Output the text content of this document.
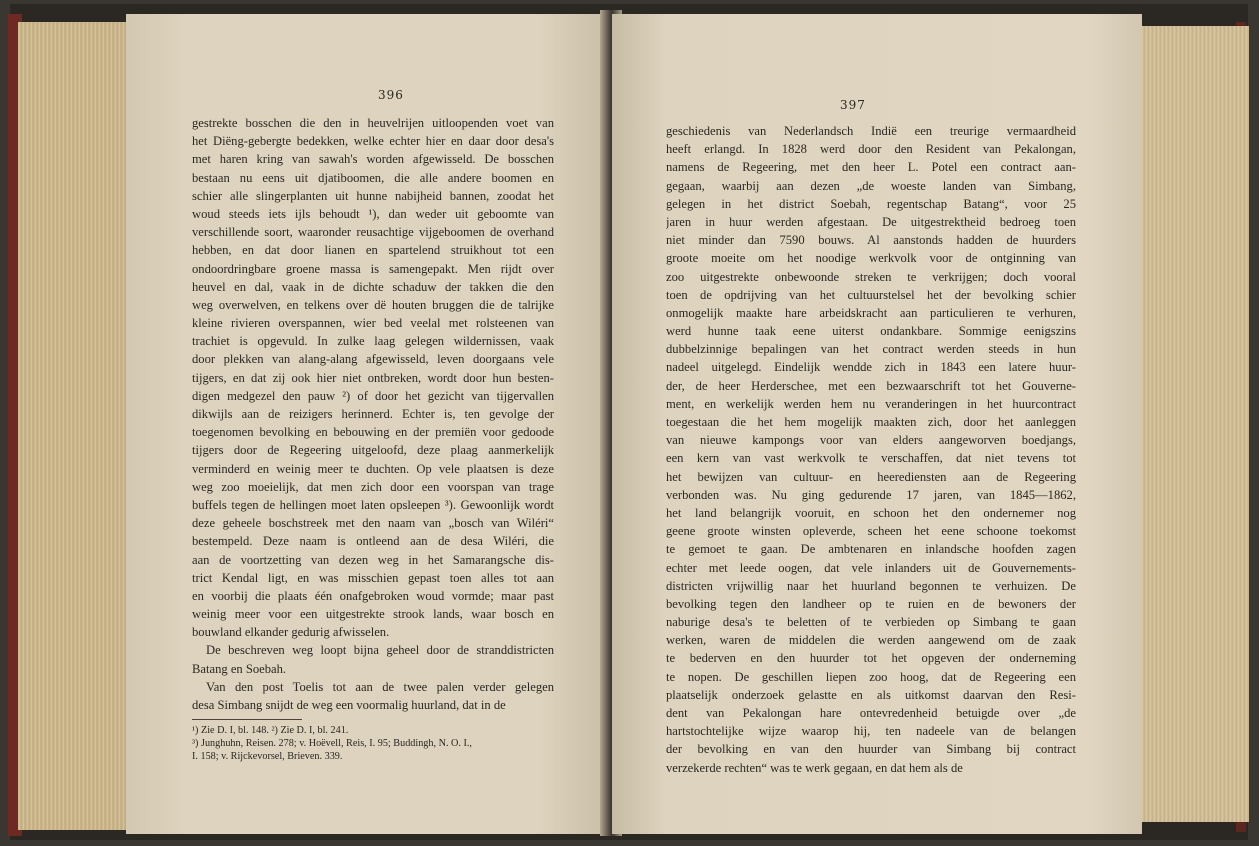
396
gestrekte bosschen die den in heuvelrijen uitloopenden voet van
het Diëng-gebergte bedekken, welke echter hier en daar door desa's
met haren kring van sawah's worden afgewisseld. De bosschen
bestaan nu eens uit djatiboomen, die alle andere boomen en
schier alle slingerplanten uit hunne nabijheid bannen, zoodat het
woud steeds iets ijls behoudt ¹), dan weder uit geboomte van
verschillende soort, waaronder reusachtige vijgeboomen de overhand
hebben, en dat door lianen en spartelend struikhout tot een
ondoordringbare groene massa is samengepakt. Men rijdt over
heuvel en dal, vaak in de dichte schaduw der takken die den
weg overwelven, en telkens over dë houten bruggen die de talrijke
kleine rivieren overspannen, wier bed veelal met rolsteenen van
trachiet is opgevuld. In zulke laag gelegen wildernissen, vaak
door plekken van alang-alang afgewisseld, leven doorgaans vele
tijgers, en dat zij ook hier niet ontbreken, wordt door hun besten-
digen medgezel den pauw ²) of door het gezicht van tijgervallen
dikwijls aan de reizigers herinnerd. Echter is, ten gevolge der
toegenomen bevolking en bebouwing en der premiën voor gedoode
tijgers door de Regeering uitgeloofd, deze plaag aanmerkelijk
verminderd en weinig meer te duchten. Op vele plaatsen is deze
weg zoo moeielijk, dat men zich door een voorspan van trage
buffels tegen de hellingen moet laten opsleepen ³). Gewoonlijk wordt
deze geheele boschstreek met den naam van „bosch van Wiléri“
bestempeld. Deze naam is ontleend aan de desa Wiléri, die
aan de voortzetting van dezen weg in het Samarangsche dis-
trict Kendal ligt, en was misschien gepast toen alles tot aan
en voorbij die plaats één onafgebroken woud vormde; maar past
weinig meer voor een uitgestrekte strook lands, waar bosch en
bouwland elkander gedurig afwisselen.
De beschreven weg loopt bijna geheel door de stranddistricten
Batang en Soebah.
Van den post Toelis tot aan de twee palen verder gelegen
desa Simbang snijdt de weg een voormalig huurland, dat in de
¹) Zie D. I, bl. 148. ²) Zie D. I, bl. 241.
³) Junghuhn, Reisen. 278; v. Hoëvell, Reis, I. 95; Buddingh, N. O. I.,
I. 158; v. Rijckevorsel, Brieven. 339.
397
geschiedenis van Nederlandsch Indië een treurige vermaardheid
heeft erlangd. In 1828 werd door den Resident van Pekalongan,
namens de Regeering, met den heer L. Potel een contract aan-
gegaan, waarbij aan dezen „de woeste landen van Simbang,
gelegen in het district Soebah, regentschap Batang“, voor 25
jaren in huur werden afgestaan. De uitgestrektheid bedroeg toen
niet minder dan 7590 bouws. Al aanstonds hadden de huurders
groote moeite om het noodige werkvolk voor de ontginning van
zoo uitgestrekte onbewoonde streken te verkrijgen; doch vooral
toen de opdrijving van het cultuurstelsel het der bevolking schier
onmogelijk maakte hare arbeidskracht aan particulieren te verhuren,
werd hunne taak eene uiterst ondankbare. Sommige eenigszins
dubbelzinnige bepalingen van het contract werden steeds in hun
nadeel uitgelegd. Eindelijk wendde zich in 1843 een latere huur-
der, de heer Herderschee, met een bezwaarschrift tot het Gouverne-
ment, en werkelijk werden hem nu veranderingen in het huurcontract
toegestaan die het hem mogelijk maakten zich, door het aanleggen
van nieuwe kampongs voor van elders aangeworven boedjangs,
een kern van vast werkvolk te verschaffen, dat niet tevens tot
het bewijzen van cultuur- en heerediensten aan de Regeering
verbonden was. Nu ging gedurende 17 jaren, van 1845—1862,
het land belangrijk vooruit, en schoon het den ondernemer nog
geene groote winsten opleverde, scheen het eene schoone toekomst
te gemoet te gaan. De ambtenaren en inlandsche hoofden zagen
echter met leede oogen, dat vele inlanders uit de Gouvernements-
districten vrijwillig naar het huurland begonnen te verhuizen. De
bevolking tegen den landheer op te ruien en de bewoners der
naburige desa's te beletten of te verbieden op Simbang te gaan
werken, waren de middelen die werden aangewend om de zaak
te bederven en den huurder tot het opgeven der onderneming
te nopen. De geschillen liepen zoo hoog, dat de Regeering een
plaatselijk onderzoek gelastte en als uitkomst daarvan den Resi-
dent van Pekalongan hare ontevredenheid betuigde over „de
hartstochtelijke wijze waarop hij, ten nadeele van de belangen
der bevolking en van den huurder van Simbang bij contract
verzekerde rechten“ was te werk gegaan, en dat hem als de
